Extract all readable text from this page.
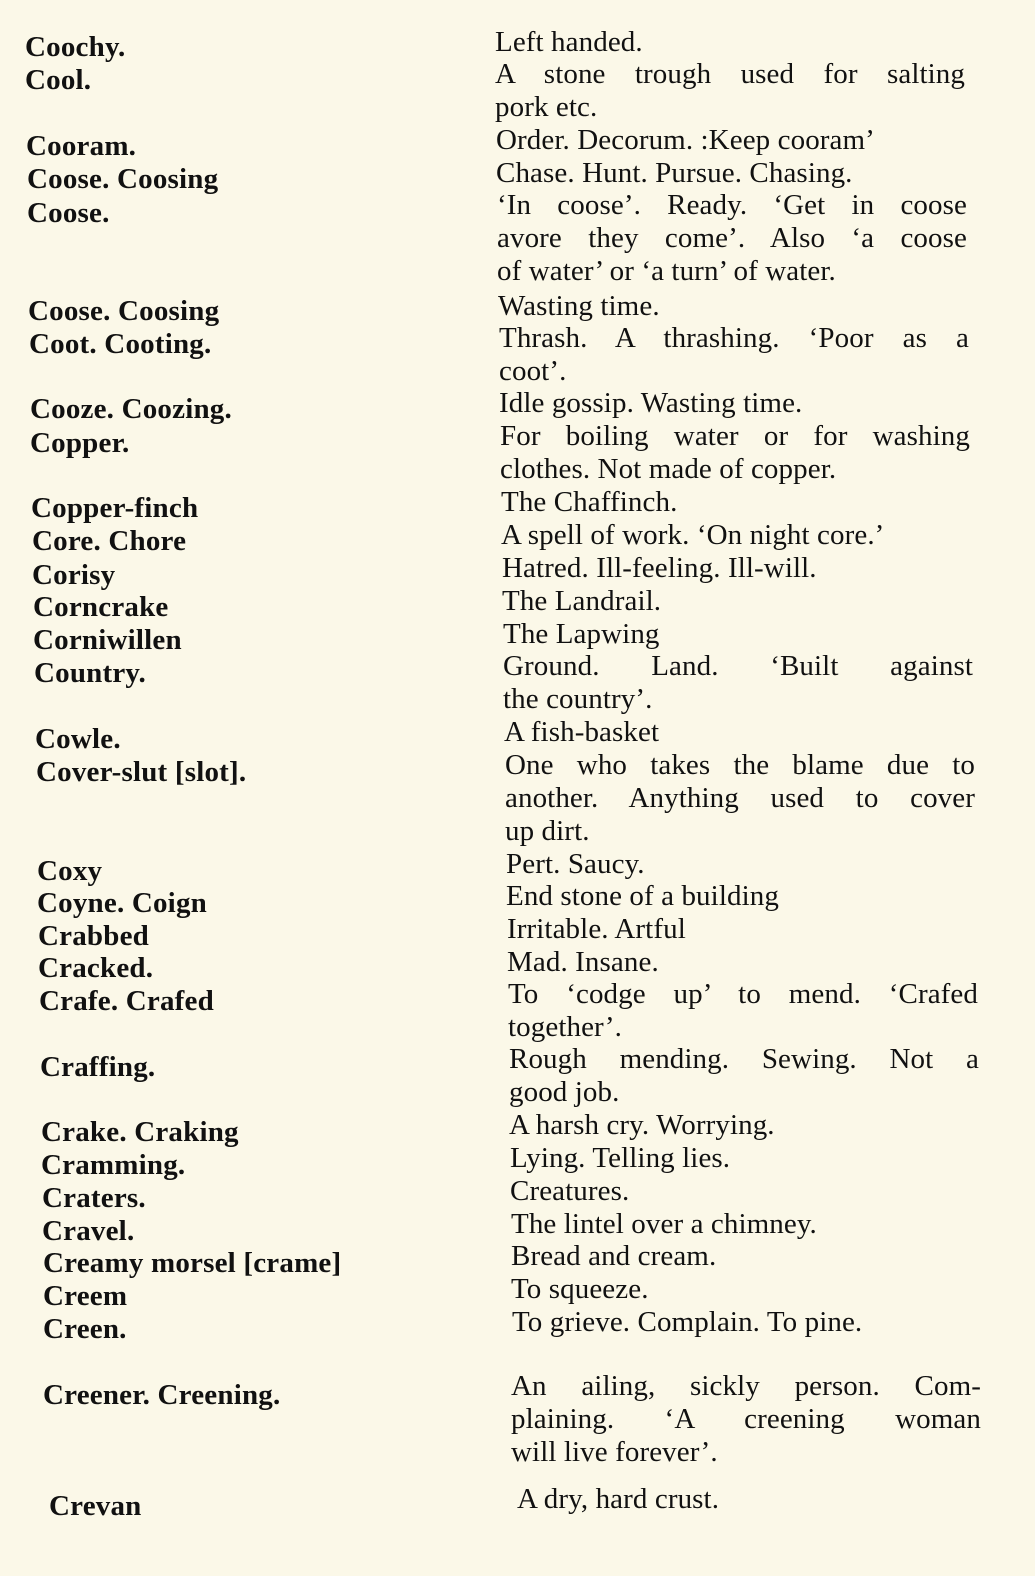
Coochy.	Left handed.
Cool.	A stone trough used for salting
pork etc.
Cooram.	Order. Decorum. :Keep cooram’
Coose. Coosing	Chase. Hunt. Pursue. Chasing.
Coose.	‘In coose’. Ready. ‘Get in coose
avore they come’. Also ‘a coose
of water’ or ‘a turn’ of water.
Coose. Coosing	Wasting time.
Coot. Cooting.	Thrash. A thrashing. ‘Poor as a
coot’.
Cooze. Coozing.	Idle gossip. Wasting time.
Copper.	For boiling water or for washing
clothes. Not made of copper.
Copper-finch	The Chaffinch.
Core. Chore	A spell of work. ‘On night core.’
Corisy	Hatred. Ill-feeling. Ill-will.
Corncrake	The Landrail.
Corniwillen	The Lapwing
Country.	Ground. Land. ‘Built against
the country’.
Cowle.	A fish-basket
Cover-slut [slot].	One who takes the blame due to
another. Anything used to cover
up dirt.
Coxy	Pert. Saucy.
Coyne. Coign	End stone of a building
Crabbed	Irritable. Artful
Cracked.	Mad. Insane.
Crafe. Crafed	To ‘codge up’ to mend. ‘Crafed
together’.
Craffing.	Rough mending. Sewing. Not a
good job.
Crake. Craking	A harsh cry. Worrying.
Cramming.	Lying. Telling lies.
Craters.	Creatures.
Cravel.	The lintel over a chimney.
Creamy morsel [crame]	Bread and cream.
Creem	To squeeze.
Creen.	To grieve. Complain. To pine.
Creener. Creening.	An ailing, sickly person. Com-
plaining. ‘A creening woman
will live forever’.
Crevan	A dry, hard crust.
